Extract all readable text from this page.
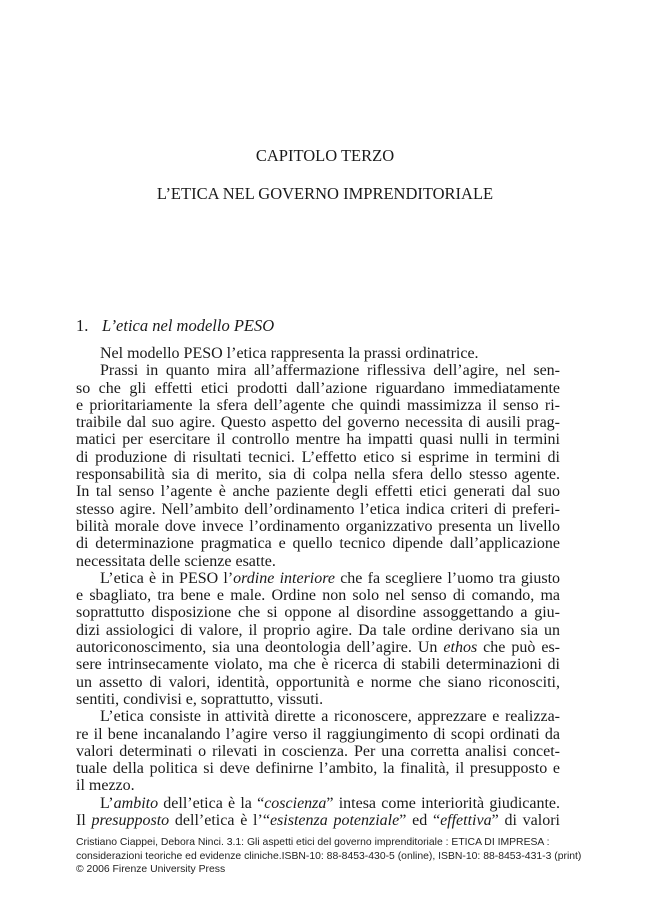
CAPITOLO TERZO
L’ETICA NEL GOVERNO IMPRENDITORIALE
1. L’etica nel modello PESO
Nel modello PESO l’etica rappresenta la prassi ordinatrice.
Prassi in quanto mira all’affermazione riflessiva dell’agire, nel sen-
so che gli effetti etici prodotti dall’azione riguardano immediatamente
e prioritariamente la sfera dell’agente che quindi massimizza il senso ri-
traibile dal suo agire. Questo aspetto del governo necessita di ausili prag-
matici per esercitare il controllo mentre ha impatti quasi nulli in termini
di produzione di risultati tecnici. L’effetto etico si esprime in termini di
responsabilità sia di merito, sia di colpa nella sfera dello stesso agente.
In tal senso l’agente è anche paziente degli effetti etici generati dal suo
stesso agire. Nell’ambito dell’ordinamento l’etica indica criteri di preferi-
bilità morale dove invece l’ordinamento organizzativo presenta un livello
di determinazione pragmatica e quello tecnico dipende dall’applicazione
necessitata delle scienze esatte.
L’etica è in PESO l’ordine interiore che fa scegliere l’uomo tra giusto
e sbagliato, tra bene e male. Ordine non solo nel senso di comando, ma
soprattutto disposizione che si oppone al disordine assoggettando a giu-
dizi assiologici di valore, il proprio agire. Da tale ordine derivano sia un
autoriconoscimento, sia una deontologia dell’agire. Un ethos che può es-
sere intrinsecamente violato, ma che è ricerca di stabili determinazioni di
un assetto di valori, identità, opportunità e norme che siano riconosciti,
sentiti, condivisi e, soprattutto, vissuti.
L’etica consiste in attività dirette a riconoscere, apprezzare e realizza-
re il bene incanalando l’agire verso il raggiungimento di scopi ordinati da
valori determinati o rilevati in coscienza. Per una corretta analisi concet-
tuale della politica si deve definirne l’ambito, la finalità, il presupposto e
il mezzo.
L’ambito dell’etica è la “coscienza” intesa come interiorità giudicante.
Il presupposto dell’etica è l’“esistenza potenziale” ed “effettiva” di valori
Cristiano Ciappei, Debora Ninci. 3.1: Gli aspetti etici del governo imprenditoriale : ETICA DI IMPRESA :
considerazioni teoriche ed evidenze cliniche.ISBN-10: 88-8453-430-5 (online), ISBN-10: 88-8453-431-3 (print)
© 2006 Firenze University Press
